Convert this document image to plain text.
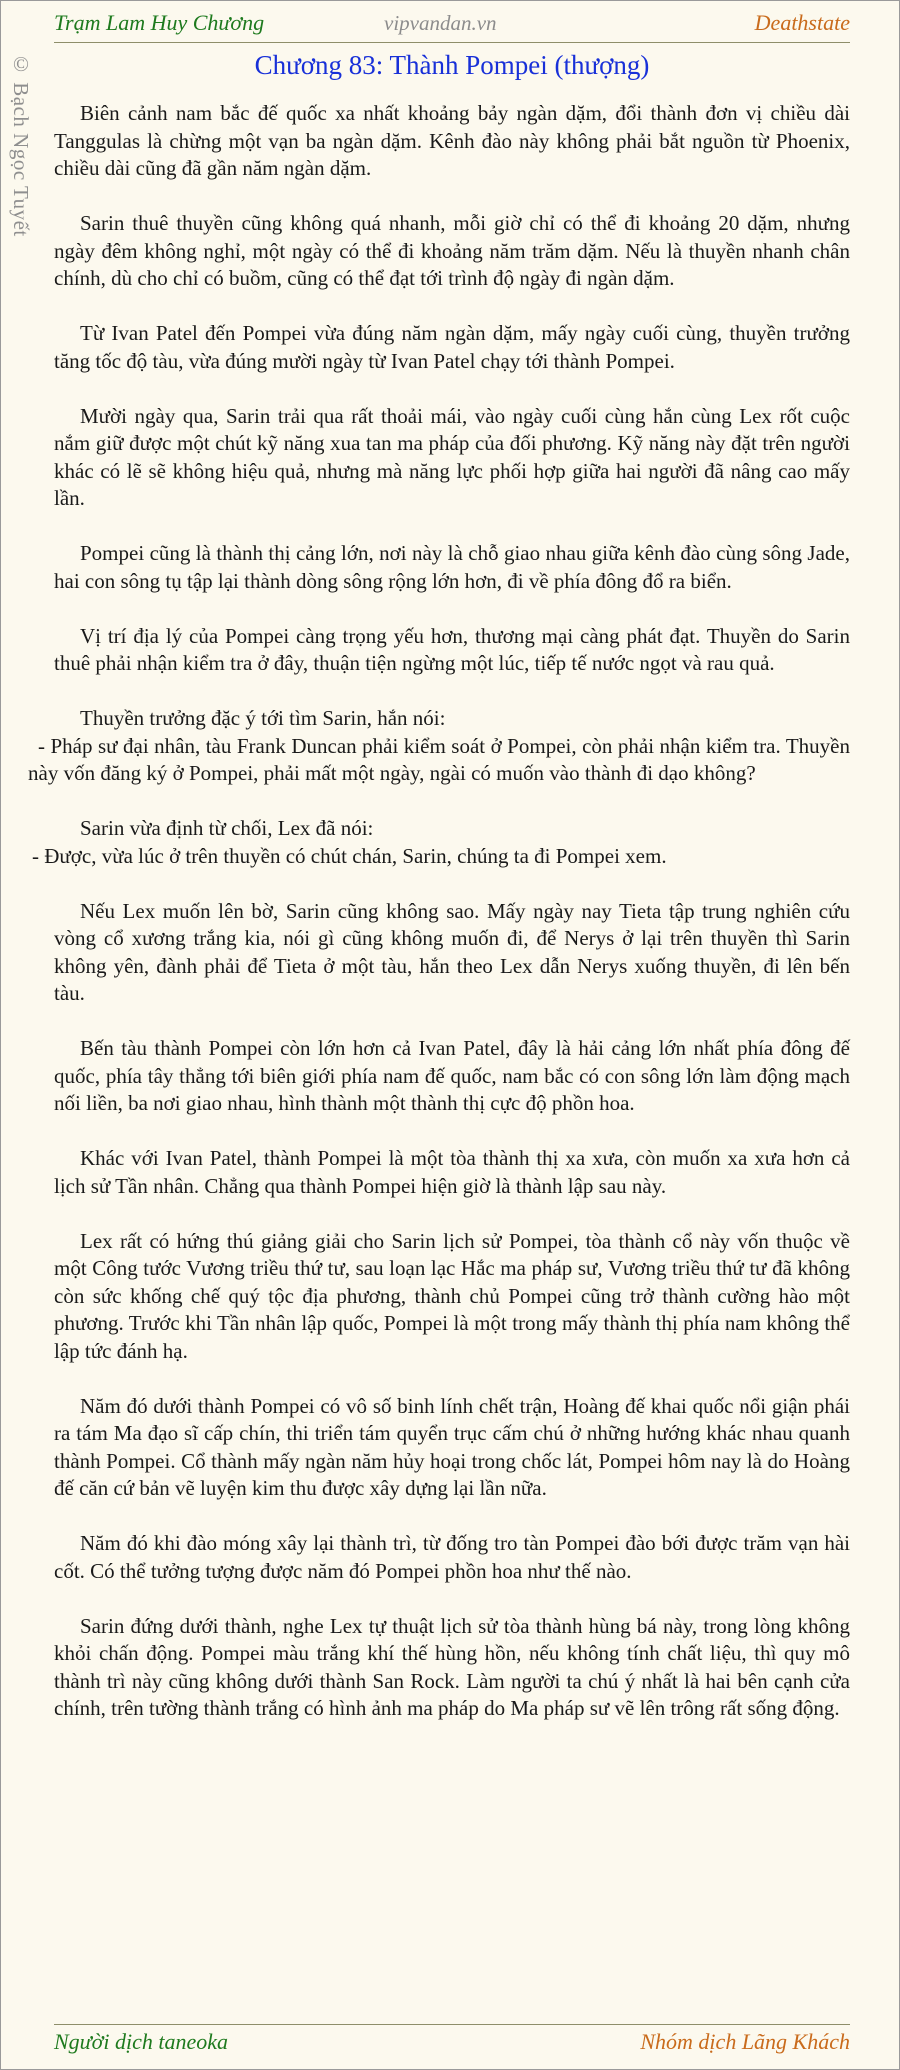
© Bạch Ngọc Tuyết
Trạm Lam Huy Chương	vipvandan.vn	Deathstate
Chương 83: Thành Pompei (thượng)

Biên cảnh nam bắc đế quốc xa nhất khoảng bảy ngàn dặm, đổi thành đơn vị chiều dài Tanggulas là chừng một vạn ba ngàn dặm. Kênh đào này không phải bắt nguồn từ Phoenix, chiều dài cũng đã gần năm ngàn dặm.

Sarin thuê thuyền cũng không quá nhanh, mỗi giờ chỉ có thể đi khoảng 20 dặm, nhưng ngày đêm không nghỉ, một ngày có thể đi khoảng năm trăm dặm. Nếu là thuyền nhanh chân chính, dù cho chỉ có buồm, cũng có thể đạt tới trình độ ngày đi ngàn dặm.

Từ Ivan Patel đến Pompei vừa đúng năm ngàn dặm, mấy ngày cuối cùng, thuyền trưởng tăng tốc độ tàu, vừa đúng mười ngày từ Ivan Patel chạy tới thành Pompei.

Mười ngày qua, Sarin trải qua rất thoải mái, vào ngày cuối cùng hắn cùng Lex rốt cuộc nắm giữ được một chút kỹ năng xua tan ma pháp của đối phương. Kỹ năng này đặt trên người khác có lẽ sẽ không hiệu quả, nhưng mà năng lực phối hợp giữa hai người đã nâng cao mấy lần.

Pompei cũng là thành thị cảng lớn, nơi này là chỗ giao nhau giữa kênh đào cùng sông Jade, hai con sông tụ tập lại thành dòng sông rộng lớn hơn, đi về phía đông đổ ra biển.

Vị trí địa lý của Pompei càng trọng yếu hơn, thương mại càng phát đạt. Thuyền do Sarin thuê phải nhận kiểm tra ở đây, thuận tiện ngừng một lúc, tiếp tế nước ngọt và rau quả.

Thuyền trưởng đặc ý tới tìm Sarin, hắn nói:
- Pháp sư đại nhân, tàu Frank Duncan phải kiểm soát ở Pompei, còn phải nhận kiểm tra. Thuyền này vốn đăng ký ở Pompei, phải mất một ngày, ngài có muốn vào thành đi dạo không?

Sarin vừa định từ chối, Lex đã nói:
- Được, vừa lúc ở trên thuyền có chút chán, Sarin, chúng ta đi Pompei xem.

Nếu Lex muốn lên bờ, Sarin cũng không sao. Mấy ngày nay Tieta tập trung nghiên cứu vòng cổ xương trắng kia, nói gì cũng không muốn đi, để Nerys ở lại trên thuyền thì Sarin không yên, đành phải để Tieta ở một tàu, hắn theo Lex dẫn Nerys xuống thuyền, đi lên bến tàu.

Bến tàu thành Pompei còn lớn hơn cả Ivan Patel, đây là hải cảng lớn nhất phía đông đế quốc, phía tây thẳng tới biên giới phía nam đế quốc, nam bắc có con sông lớn làm động mạch nối liền, ba nơi giao nhau, hình thành một thành thị cực độ phồn hoa.

Khác với Ivan Patel, thành Pompei là một tòa thành thị xa xưa, còn muốn xa xưa hơn cả lịch sử Tần nhân. Chẳng qua thành Pompei hiện giờ là thành lập sau này.

Lex rất có hứng thú giảng giải cho Sarin lịch sử Pompei, tòa thành cổ này vốn thuộc về một Công tước Vương triều thứ tư, sau loạn lạc Hắc ma pháp sư, Vương triều thứ tư đã không còn sức khống chế quý tộc địa phương, thành chủ Pompei cũng trở thành cường hào một phương. Trước khi Tần nhân lập quốc, Pompei là một trong mấy thành thị phía nam không thể lập tức đánh hạ.

Năm đó dưới thành Pompei có vô số binh lính chết trận, Hoàng đế khai quốc nổi giận phái ra tám Ma đạo sĩ cấp chín, thi triển tám quyển trục cấm chú ở những hướng khác nhau quanh thành Pompei. Cổ thành mấy ngàn năm hủy hoại trong chốc lát, Pompei hôm nay là do Hoàng đế căn cứ bản vẽ luyện kim thu được xây dựng lại lần nữa.

Năm đó khi đào móng xây lại thành trì, từ đống tro tàn Pompei đào bới được trăm vạn hài cốt. Có thể tưởng tượng được năm đó Pompei phồn hoa như thế nào.

Sarin đứng dưới thành, nghe Lex tự thuật lịch sử tòa thành hùng bá này, trong lòng không khỏi chấn động. Pompei màu trắng khí thế hùng hồn, nếu không tính chất liệu, thì quy mô thành trì này cũng không dưới thành San Rock. Làm người ta chú ý nhất là hai bên cạnh cửa chính, trên tường thành trắng có hình ảnh ma pháp do Ma pháp sư vẽ lên trông rất sống động.

Người dịch taneoka	Nhóm dịch Lãng Khách
